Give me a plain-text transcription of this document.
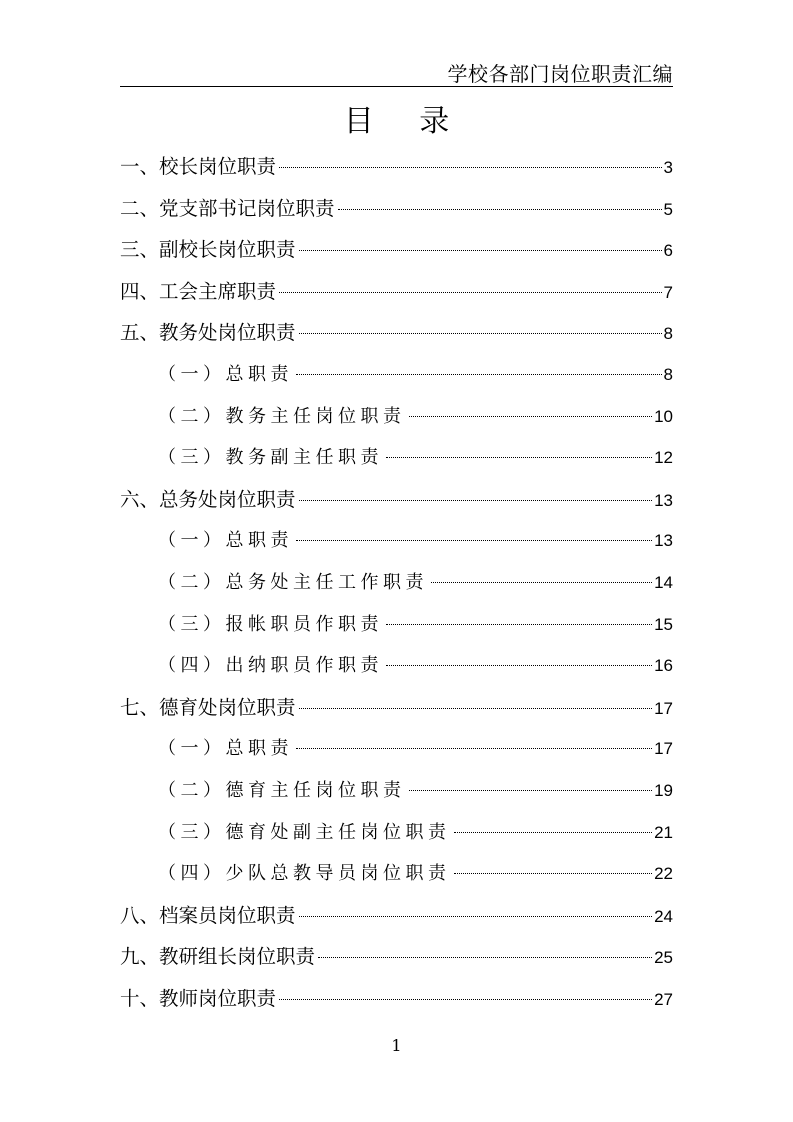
学校各部门岗位职责汇编
目 录
一、校长岗位职责	3
二、党支部书记岗位职责	5
三、副校长岗位职责	6
四、工会主席职责	7
五、教务处岗位职责	8
（一）总职责	8
（二）教务主任岗位职责	10
（三）教务副主任职责	12
六、总务处岗位职责	13
（一）总职责	13
（二）总务处主任工作职责	14
（三）报帐职员作职责	15
（四）出纳职员作职责	16
七、德育处岗位职责	17
（一）总职责	17
（二）德育主任岗位职责	19
（三）德育处副主任岗位职责	21
（四）少队总教导员岗位职责	22
八、档案员岗位职责	24
九、教研组长岗位职责	25
十、教师岗位职责	27
1
